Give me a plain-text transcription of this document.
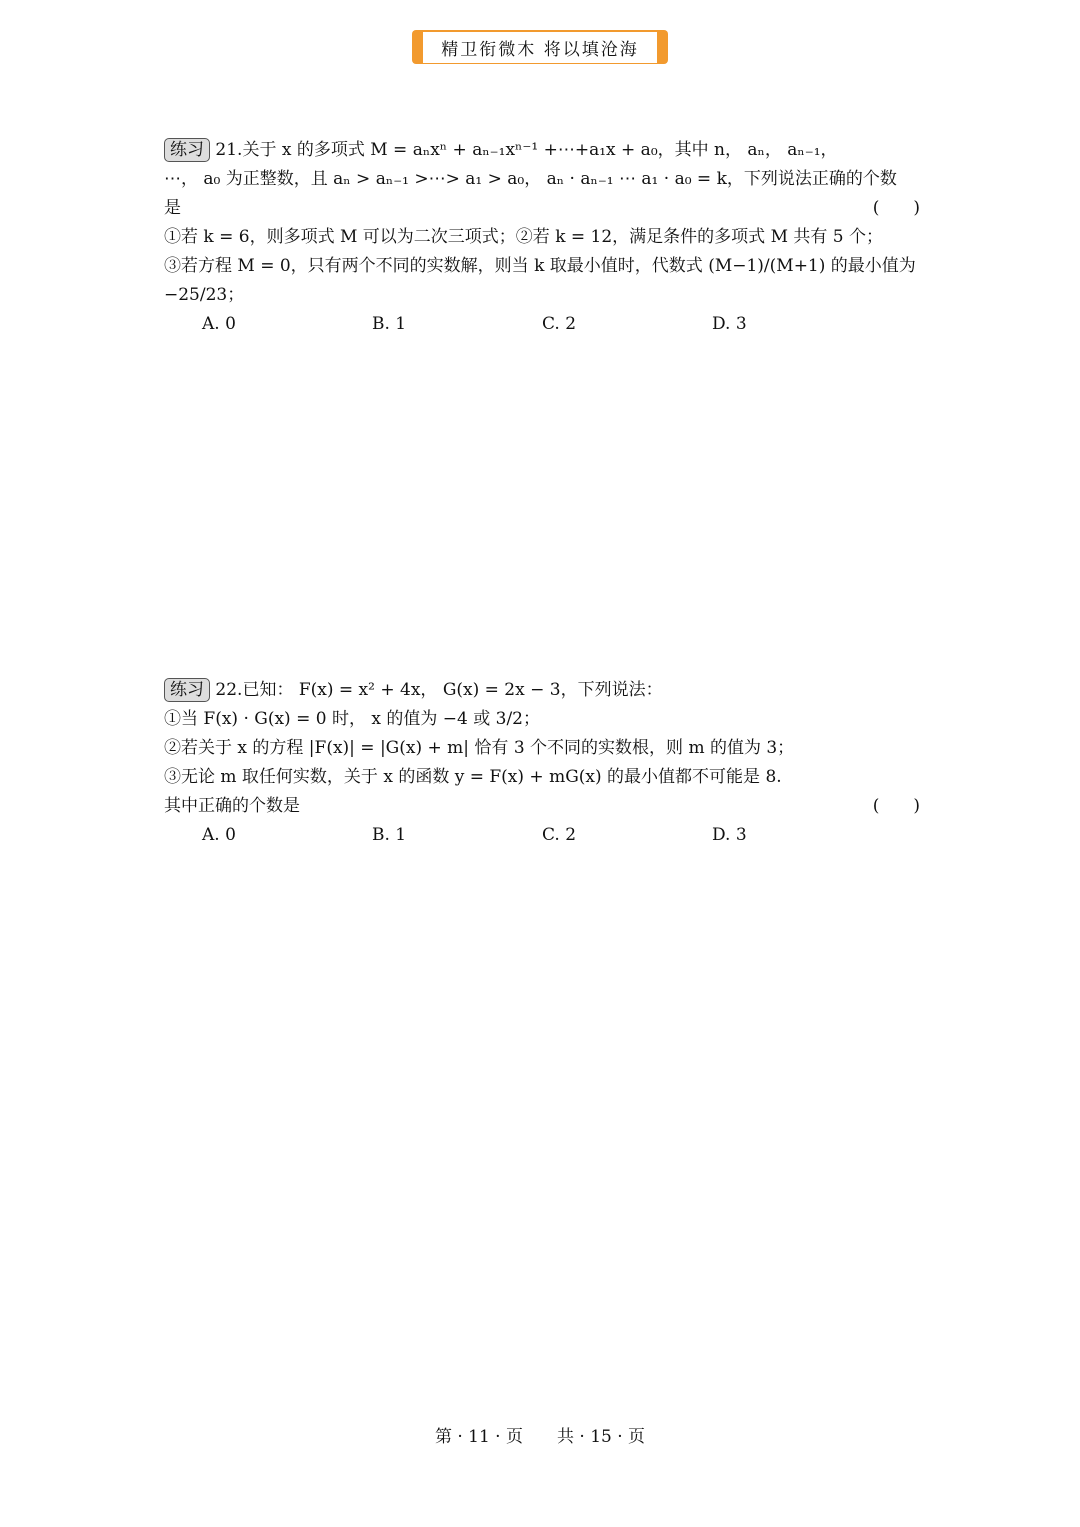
精卫衔微木 将以填沧海
练习 21.关于 x 的多项式 M = aₙxⁿ + aₙ₋₁xⁿ⁻¹ +⋯+a₁x + a₀，其中 n， aₙ， aₙ₋₁，
⋯， a₀ 为正整数，且 aₙ > aₙ₋₁ >⋯> a₁ > a₀， aₙ · aₙ₋₁ ⋯ a₁ · a₀ = k，下列说法正确的个数
是	(　　)
①若 k = 6，则多项式 M 可以为二次三项式；②若 k = 12，满足条件的多项式 M 共有 5 个；
③若方程 M = 0，只有两个不同的实数解，则当 k 取最小值时，代数式 (M−1)/(M+1) 的最小值为
−25/23；
A. 0	B. 1	C. 2	D. 3
练习 22.已知： F(x) = x² + 4x， G(x) = 2x − 3，下列说法：
①当 F(x) · G(x) = 0 时， x 的值为 −4 或 3/2；
②若关于 x 的方程 |F(x)| = |G(x) + m| 恰有 3 个不同的实数根，则 m 的值为 3；
③无论 m 取任何实数，关于 x 的函数 y = F(x) + mG(x) 的最小值都不可能是 8.
其中正确的个数是	(　　)
A. 0	B. 1	C. 2	D. 3
第 · 11 · 页　　共 · 15 · 页
